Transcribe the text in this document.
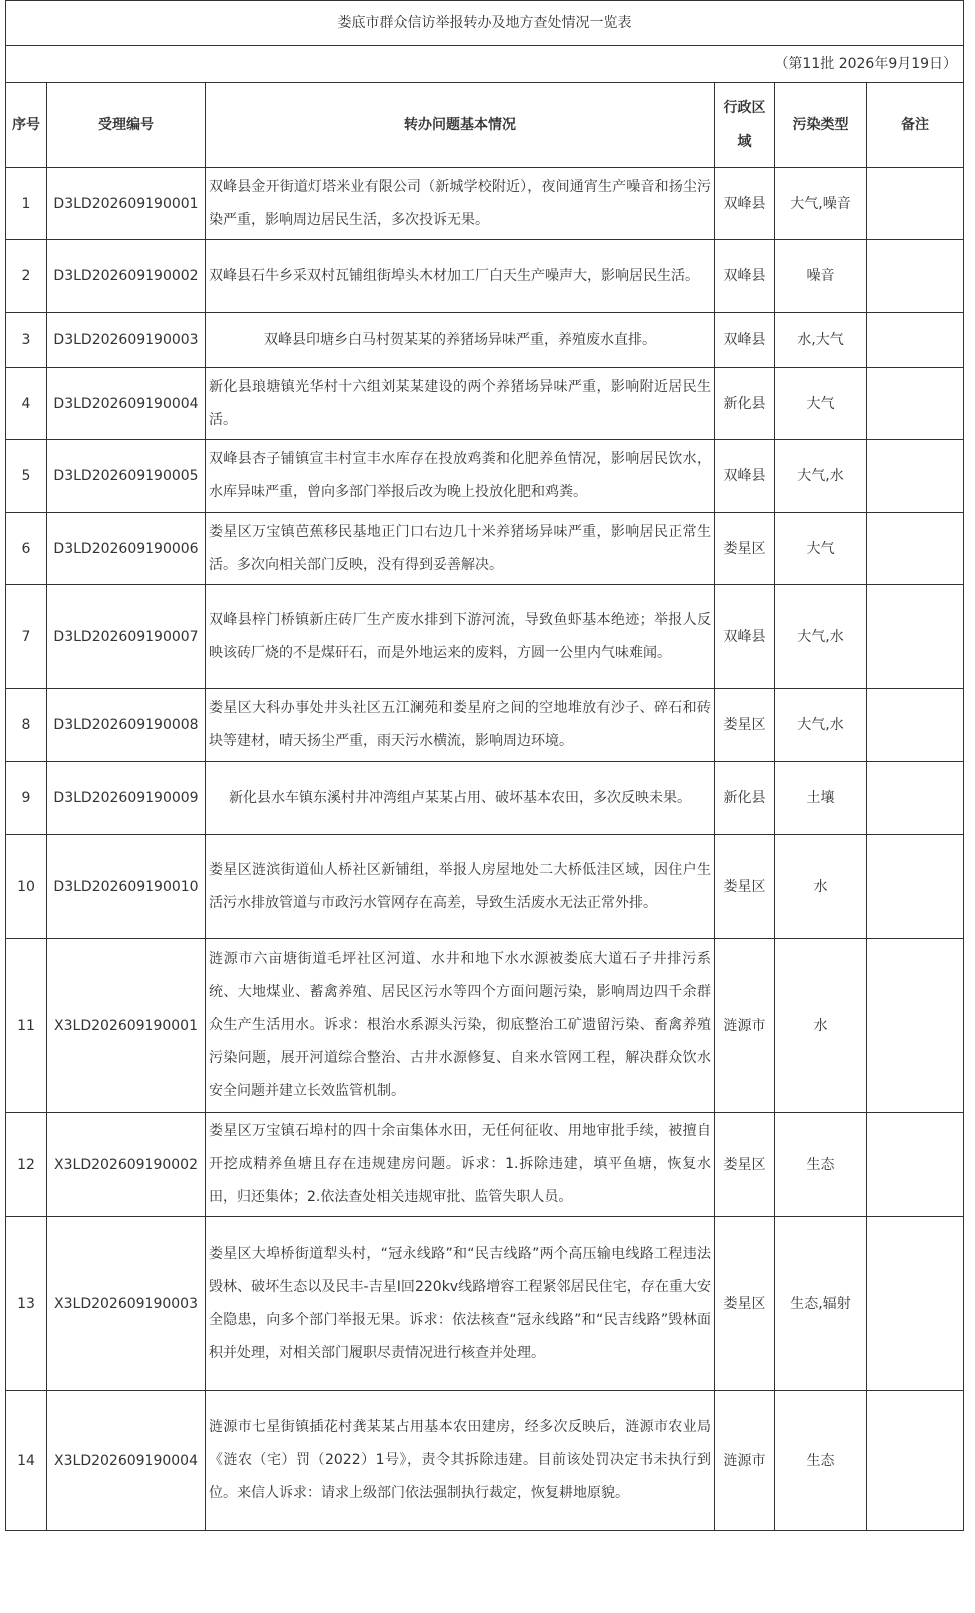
娄底市群众信访举报转办及地方查处情况一览表					
（第11批 2026年9月19日）					
序号	受理编号	转办问题基本情况	行政区域	污染类型	备注
1	D3LD202609190001	双峰县金开街道灯塔米业有限公司（新城学校附近），夜间通宵生产噪音和扬尘污染严重，影响周边居民生活，多次投诉无果。	双峰县	大气,噪音	
2	D3LD202609190002	双峰县石牛乡采双村瓦铺组街埠头木材加工厂白天生产噪声大，影响居民生活。	双峰县	噪音	
3	D3LD202609190003	双峰县印塘乡白马村贺某某的养猪场异味严重，养殖废水直排。	双峰县	水,大气	
4	D3LD202609190004	新化县琅塘镇光华村十六组刘某某建设的两个养猪场异味严重，影响附近居民生活。	新化县	大气	
5	D3LD202609190005	双峰县杏子铺镇宣丰村宣丰水库存在投放鸡粪和化肥养鱼情况，影响居民饮水，水库异味严重，曾向多部门举报后改为晚上投放化肥和鸡粪。	双峰县	大气,水	
6	D3LD202609190006	娄星区万宝镇芭蕉移民基地正门口右边几十米养猪场异味严重，影响居民正常生活。多次向相关部门反映，没有得到妥善解决。	娄星区	大气	
7	D3LD202609190007	双峰县梓门桥镇新庄砖厂生产废水排到下游河流，导致鱼虾基本绝迹；举报人反映该砖厂烧的不是煤矸石，而是外地运来的废料，方圆一公里内气味难闻。	双峰县	大气,水	
8	D3LD202609190008	娄星区大科办事处井头社区五江澜苑和娄星府之间的空地堆放有沙子、碎石和砖块等建材，晴天扬尘严重，雨天污水横流，影响周边环境。	娄星区	大气,水	
9	D3LD202609190009	新化县水车镇东溪村井冲湾组卢某某占用、破坏基本农田，多次反映未果。	新化县	土壤	
10	D3LD202609190010	娄星区涟滨街道仙人桥社区新铺组，举报人房屋地处二大桥低洼区域，因住户生活污水排放管道与市政污水管网存在高差，导致生活废水无法正常外排。	娄星区	水	
11	X3LD202609190001	涟源市六亩塘街道毛坪社区河道、水井和地下水水源被娄底大道石子井排污系统、大地煤业、蓄禽养殖、居民区污水等四个方面问题污染，影响周边四千余群众生产生活用水。诉求：根治水系源头污染，彻底整治工矿遗留污染、畜禽养殖污染问题，展开河道综合整治、古井水源修复、自来水管网工程，解决群众饮水安全问题并建立长效监管机制。	涟源市	水	
12	X3LD202609190002	娄星区万宝镇石埠村的四十余亩集体水田，无任何征收、用地审批手续，被擅自开挖成精养鱼塘且存在违规建房问题。诉求：1.拆除违建，填平鱼塘，恢复水田，归还集体；2.依法查处相关违规审批、监管失职人员。	娄星区	生态	
13	X3LD202609190003	娄星区大埠桥街道犁头村，“冠永线路”和“民吉线路”两个高压输电线路工程违法毁林、破坏生态以及民丰-吉星I回220kv线路增容工程紧邻居民住宅，存在重大安全隐患，向多个部门举报无果。诉求：依法核查“冠永线路”和“民吉线路”毁林面积并处理，对相关部门履职尽责情况进行核查并处理。	娄星区	生态,辐射	
14	X3LD202609190004	涟源市七星街镇插花村龚某某占用基本农田建房，经多次反映后，涟源市农业局《涟农（宅）罚（2022）1号》，责令其拆除违建。目前该处罚决定书未执行到位。来信人诉求：请求上级部门依法强制执行裁定，恢复耕地原貌。	涟源市	生态	
